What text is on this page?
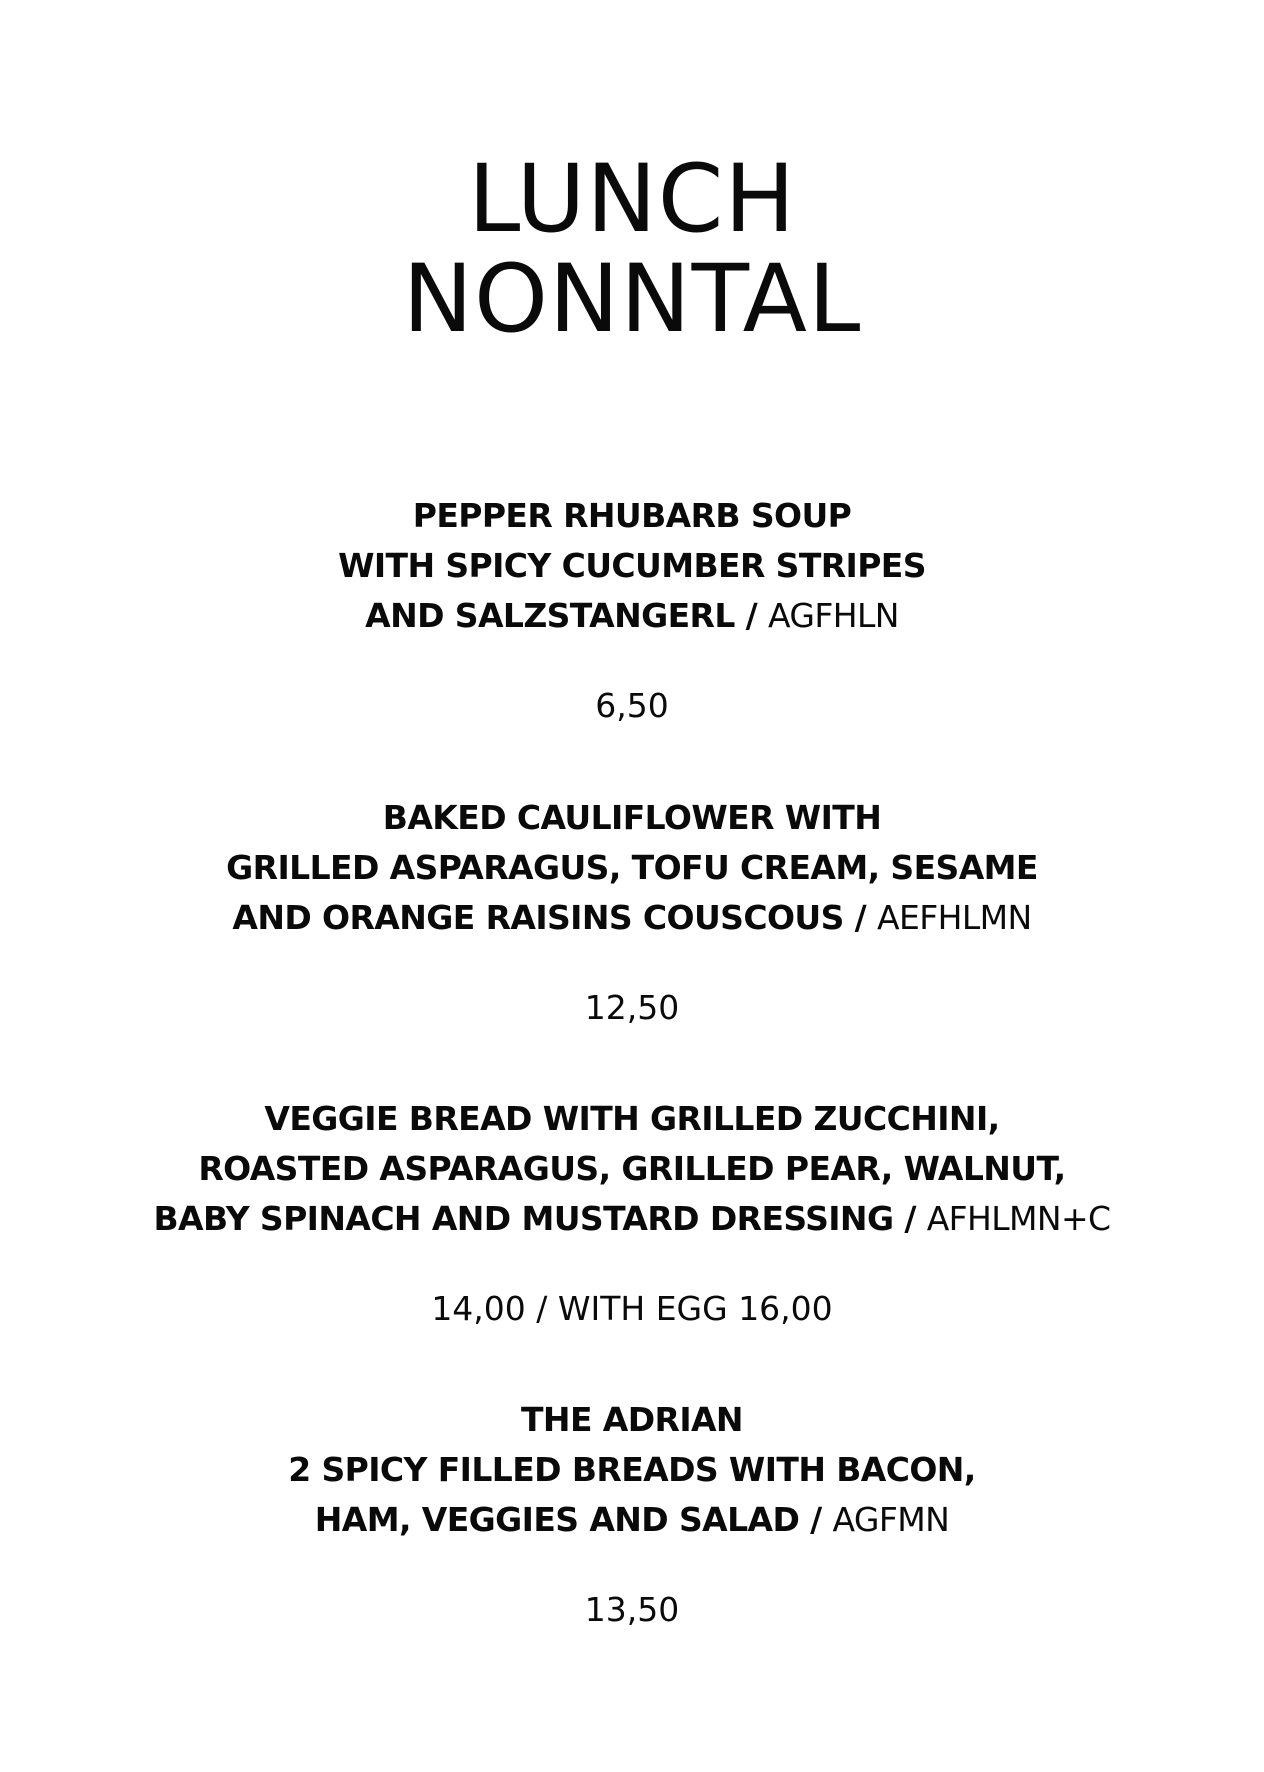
LUNCH
NONNTAL
PEPPER RHUBARB SOUP
WITH SPICY CUCUMBER STRIPES
AND SALZSTANGERL / AGFHLN
6,50
BAKED CAULIFLOWER WITH
GRILLED ASPARAGUS, TOFU CREAM, SESAME
AND ORANGE RAISINS COUSCOUS / AEFHLMN
12,50
VEGGIE BREAD WITH GRILLED ZUCCHINI,
ROASTED ASPARAGUS, GRILLED PEAR, WALNUT,
BABY SPINACH AND MUSTARD DRESSING / AFHLMN+C
14,00 / WITH EGG 16,00
THE ADRIAN
2 SPICY FILLED BREADS WITH BACON,
HAM, VEGGIES AND SALAD / AGFMN
13,50
